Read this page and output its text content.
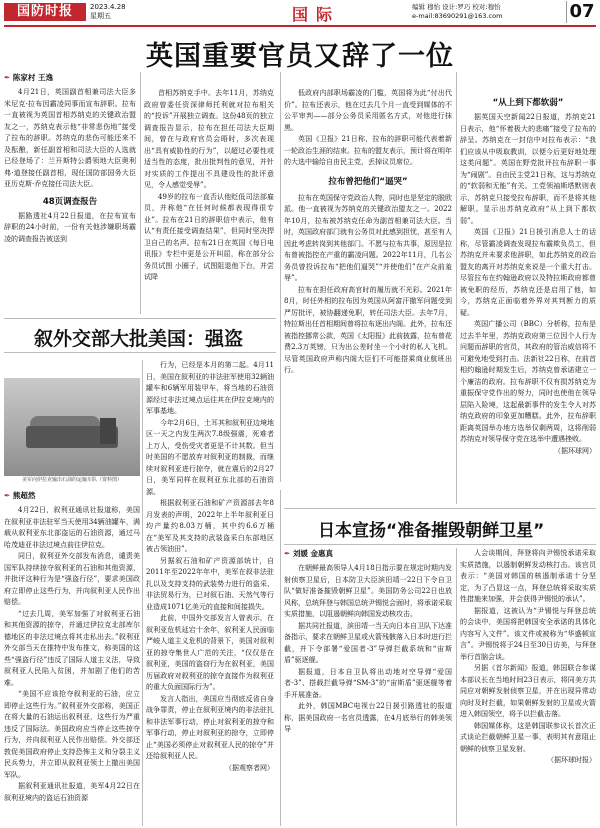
国防时报	2023.4.28
星期五	国际	编辑 穆怡 设计:罗巧 校对:穆怡
e-mail:83690291@163.com	07
英国重要官员又辞了一位
✒ 陈家村 王逸

4月21日，英国副首相兼司法大臣多米尼克·拉布因霸凌同事而宣布辞职。拉布一直被视为英国首相苏纳克的关键政治盟友之一，苏纳克表示他“非常悲伤地”接受了拉布的辞职。苏纳克的悲伤可能还来不及酝酿，新任副首相和司法大臣的人选就已经登场了：兰开斯特公爵领地大臣奥利弗·道登接任副首相，现任国防部国务大臣亚历克斯·乔克接任司法大臣。

48页调查报告

据路透社4月22日报道，在拉布宣布辞职的24小时前，一份有关他涉嫌职场霸凌的调查报告被送到

首相苏纳克手中。去年11月，苏纳克政府曾委任资深律师托利就对拉布相关的“投诉”开展独立调查。这份48页的独立调查报告显示，拉布在担任司法大臣期间，曾在与政府官员会晤时，多次表现出“具有威胁性的行为”，以超过必要性或适当性的态度，批出批判性的意见，并针对实质的工作提出不具建设性的批评意见，令人感觉受辱”。

49岁的拉布一直否认他贬低司法部雇员，并称他“在任何时候都表现得很专业”。拉布在21日的辞职信中表示，他有认“有责任接受调查结果”，但同时坚决捍卫自己的名声。拉布21日在英国《每日电讯报》专栏中更是公开叫屈，称在部分公务员试图 小圈子，试图阻退他下台，并尝试降

低政府内部职场霸凌的门槛，英国将为此“付出代价”。拉布还表示，他在过去几个月一直受到媒体的不公平审判——部分公务员采用匿名方式，对他进行抹黑。

英国《卫报》21日称，拉布的辞职可能代表着新一轮政治生涯的结束。拉布的盟友表示，预计将在明年的大选中输给自由民主党，丢掉议员席位。

拉布曾把他们“逼哭”

拉布在英国保守党政治人物，同时也是坚定的脱欧派。他一直被视为苏纳克的关键政治盟友之一。2022年10月，拉布被苏纳克任命为副首相兼司法大臣。当时，英国政府部门就有公务员对此感到担忧，甚至有人因此考虑转岗到其他部门。不愿与拉布共事，原因是拉布曾被指控在产重的霸凌问题。2022年11月，几名公务员曾投诉拉布“把他们逼哭”“并使他们”在产众前羞辱”。

拉布在担任政府高官时的履历就不光彩。2021年8月，时任外相的拉布因为英国从阿富汗撤军问题受到严厉批评，被协翻递免职，转任司法大臣。去年7月，特拉斯出任首相期间曾将拉布逐出内阁。此外，拉布还被指控挪常公款，英国《太阳报》此前披露，拉布曾花费2.3万英镑，只为出公差时坐一个小时的私人飞机。尽管英国政府声称内阁大臣们不可能搭乘商业航班出行。

“从上到下都软弱”

据英国天空新闻22日报道，苏纳克21日表示，他“怀着极大的悲痛”接受了拉布的辞呈。苏纳克在一封信中对拉布表示：“我们应该从中吸取教训，以便今后更好地处理这类问题”。英国在野党批评拉布辞职一事为“闹剧”。自由民主党21日称，这与苏纳克的“软弱和无能”有关。工党领袖斯塔默则表示，苏纳克只接受拉布辞职，而不是将其他解职。显示出苏纳克政府“从上到下都软弱”。

英国《卫报》21日援引消息人士的话称，尽管霸凌调查发现拉布霸欺负员工，但苏纳克并未要求他辞职，如此苏纳克的政治盟友的离开对苏纳克来说是一个重大打击。尽管拉布在约翰逊政府以及特拉斯政府都曾被免职的经历，苏纳克还是启用了他，如今，苏纳克正面临着外界对其判断力的质疑。

英国广播公司（BBC）分析称，拉布是过去半年里，苏纳克政府第三位因个人行为问题而辞职的官员，其政府的管治威信将不可避免地受到打击。法新社22日称，在前首相约翰逊时期发生后，苏纳克曾承诺建立一个廉洁的政府。拉布辞职不仅有损苏纳克为重振保守党作出的努力，同时也使他在领导层陷入险境，这起最新事件的发生令人对苏纳克政府的印象更加糟糕。此外，拉布辞职距离英国举办地方选举仅剩两周，这将削弱苏纳克对领导保守党在选举中遭遇挫败。

（据环球网）
叙外交部大批美国：强盗
美军向伊拉克输出石油的运输车队（资料图）
✒ 熊超然

4月22日，叙利亚通讯社报道称，美国在叙利亚非法驻军当天使用34辆油罐车，满载从叙利亚东北部盗运的石油资源，通过马哈茂迪亚非法过境点前往伊拉克。

同日，叙利亚外交部发布消息，谴责美国军队持续掠夺叙利亚的石油和其他资源，并批评这种行为是“强盗行径”，要求美国政府立即停止这些行为，并向叙利亚人民作出赔偿。

“过去几周，美军加强了对叙利亚石油和其他资源的掠夺，并通过伊拉克北部库尔德地区的非法过境点将其走私出去。”叙利亚外交部当天在推特中发布推文，称美国的这些“强盗行径”违反了国际人道主义法，导致叙利亚人民陷入贫困，并加剧了他们的苦难。

“美国不应该抢夺叙利亚的石油，应立即停止这些行为。”叙利亚外交部称，美国正在将大量的石油运出叙利亚，这些行为严重违反了国际法。美国政府应当停止这些掠夺行为，并向叙利亚人民作出赔偿。外交部还敦促美国政府停止支持恐怖主义和分裂主义民兵势力，并立即从叙利亚领土上撤出美国军队。

据叙利亚通讯社报道，美军4月22日在叙利亚境内的盗运石油资源

行为，已经是本月的第二起。4月11日，美国在叙利亚的非法驻军使用32辆油罐车和6辆军用装甲车，将当地的石油资源经过非法过境点运往其在伊拉克境内的军事基地。

今年2月6日，土耳其和叙利亚边境地区一天之内发生两次7.8级强震，死难者上万人，受伤受灾者更是不计其数。但当时美国的不愿放弃对叙利亚的制裁，而继续对叙利亚进行掠夺，就在震后的2月27日，美军同样在叙利亚东北部的石油资源。

根据叙利亚石油和矿产资源部去年8月发表的声明，2022年上半年叙利亚日均产量约8.03万桶，其中约6.6万桶在“美军及其支持的武装盗采白东部地区被占领油田”。

另据叙石油和矿产资源部统计，自2011年至2022年年中，美军在叙非法驻扎以及支持支持的武装势力进行的盗采、非法贸易行为，已对叙石油、天然气等行业造成1071亿美元的直接和间接损失。

此前，中国外交部发言人曾表示，在叙利亚危机延宕十余年，叙利亚人民面临严峻人道主义危机的背景下，美国对叙利亚的掠夺集世人广范的关注，“仅仅是在叙利亚，美国的盗窃行为在叙利亚，美国历届政府对叙利亚的掠夺直接作为叙利亚的重大负面国际行为”。

发言人指出，美国应当彻底反省自身战争罪责，停止在叙利亚境内的非法驻扎和非法军事行动，停止对叙利亚的掠夺和军事行动，停止对叙利亚的掠夺，立即停止“美国必须停止对叙利亚人民的掠夺”并还给叙利亚人民。

（据观察者网）
日本宣扬“准备摧毁朝鲜卫星”
✒ 刘媛 金惠真

在朝鲜最高领导人4月18日指示要在规定时期内发射侦察卫星后，日本防卫大臣滨田靖一22日下令自卫队“做好准备摧毁朝鲜卫星”。美国防务公司22日也放风称，总统拜登与韩国总统尹锡悦会面时，将承诺采取实质措施，以阻遏朝鲜向韩国发动核攻击。

据共同社报道，滨田靖一当天向日本自卫队下达准备指示，要求在朝鲜卫星或火箭残骸落入日本时进行拦截，并下令部署“爱国者-3”导弹拦截系统和“宙斯盾”驱逐舰。

据报道，日本自卫队将出动地对空导弹“爱国者-3”、搭载拦截导弹“SM-3”的“宙斯盾”驱逐舰等着手开展准备。

此外，韩国MBC电视台22日援引路透社的报道称，据美国政府一名官员透露，在4月底举行的韩美领导

人会谈期间，拜登将向尹锡悦承诺采取实质措施，以遏制朝鲜发动核打击。该官员表示：“美国对韩国的核遏制承诺十分坚定，为了凸显这一点，拜登总统将采取实质性措施来加强，并会获得尹锡悦的承认”。

据报道，这被认为“尹锡悦与拜登总统的会谈中，美国将把韩国安全承诺的具体化内容写入文件”。该文件或被称为“华盛顿宣言”。尹锡悦将于24日至30日访美，与拜登举行首脑会谈。

另据《首尔新闻》报道，韩国联合参谋本部议长在当地时间23日表示，将同美方共同应对朝鲜发射侦察卫星，并在出现异常动向时及时拦截，如果朝鲜发射的卫星或火箭进入韩国领空，将予以拦截击落。

韩国媒体称，这是韩国联参议长首次正式谈论拦截朝鲜卫星一事，表明其有意阻止朝鲜的侦察卫星发射。

（据环球时报）
